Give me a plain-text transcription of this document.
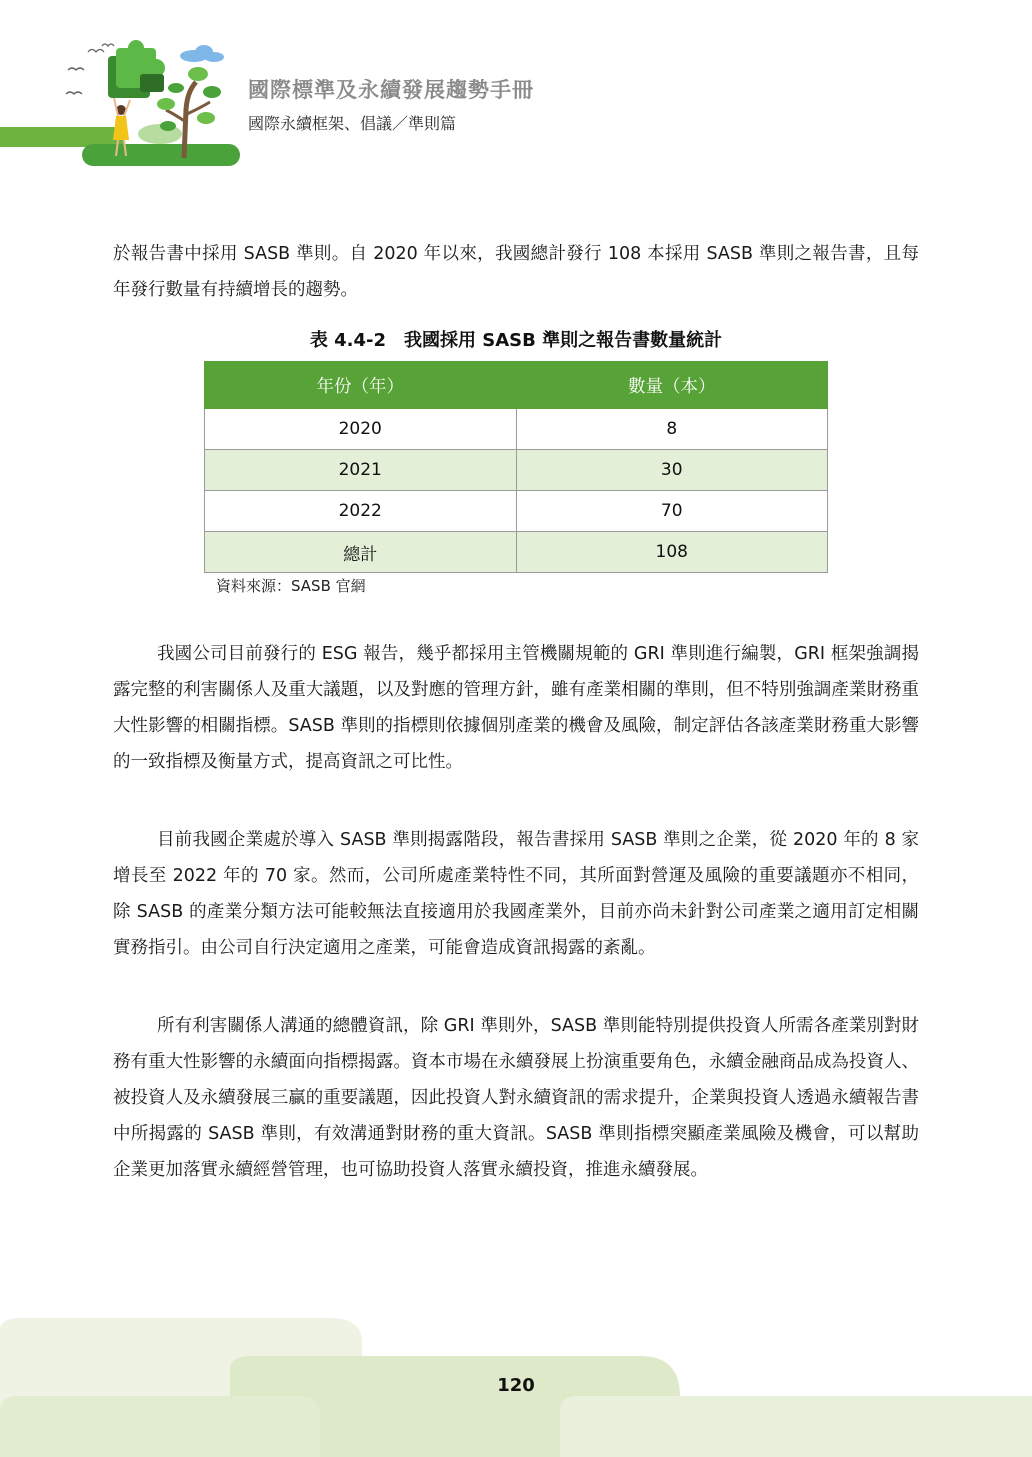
國際標準及永續發展趨勢手冊
國際永續框架、倡議／準則篇

於報告書中採用 SASB 準則。自 2020 年以來，我國總計發行 108 本採用 SASB 準則之報告書，且每年發行數量有持續增長的趨勢。

表 4.4-2　我國採用 SASB 準則之報告書數量統計
年份（年）	數量（本）
2020	8
2021	30
2022	70
總計	108
資料來源：SASB 官網

我國公司目前發行的 ESG 報告，幾乎都採用主管機關規範的 GRI 準則進行編製，GRI 框架強調揭露完整的利害關係人及重大議題，以及對應的管理方針，雖有產業相關的準則，但不特別強調產業財務重大性影響的相關指標。SASB 準則的指標則依據個別產業的機會及風險，制定評估各該產業財務重大影響的一致指標及衡量方式，提高資訊之可比性。

目前我國企業處於導入 SASB 準則揭露階段，報告書採用 SASB 準則之企業，從 2020 年的 8 家增長至 2022 年的 70 家。然而，公司所處產業特性不同，其所面對營運及風險的重要議題亦不相同，除 SASB 的產業分類方法可能較無法直接適用於我國產業外，目前亦尚未針對公司產業之適用訂定相關實務指引。由公司自行決定適用之產業，可能會造成資訊揭露的紊亂。

所有利害關係人溝通的總體資訊，除 GRI 準則外，SASB 準則能特別提供投資人所需各產業別對財務有重大性影響的永續面向指標揭露。資本市場在永續發展上扮演重要角色，永續金融商品成為投資人、被投資人及永續發展三贏的重要議題，因此投資人對永續資訊的需求提升，企業與投資人透過永續報告書中所揭露的 SASB 準則，有效溝通對財務的重大資訊。SASB 準則指標突顯產業風險及機會，可以幫助企業更加落實永續經營管理，也可協助投資人落實永續投資，推進永續發展。

120
